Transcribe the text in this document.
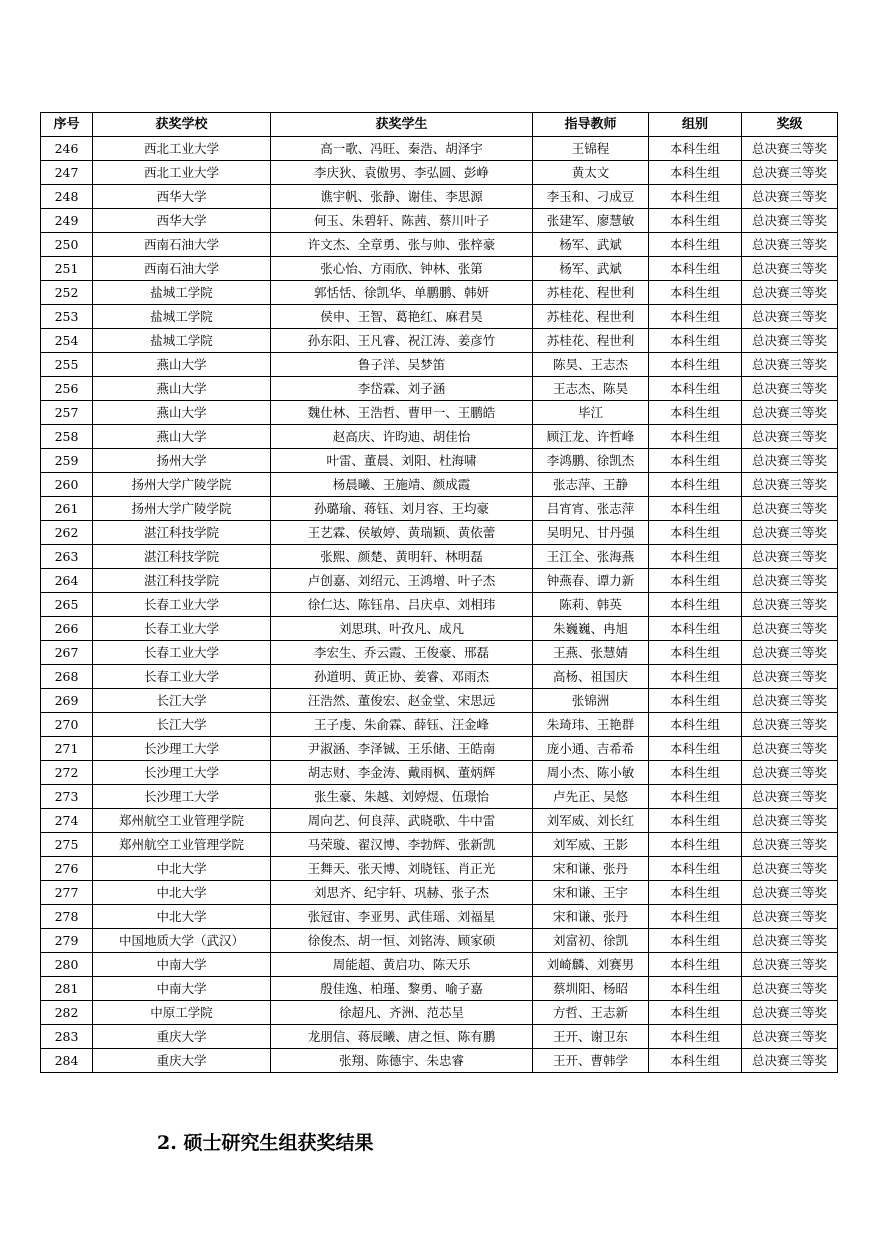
序号	获奖学校	获奖学生	指导教师	组别	奖级
246	西北工业大学	高一歌、冯旺、秦浩、胡泽宇	王锦程	本科生组	总决赛三等奖
247	西北工业大学	李庆狄、袁傲男、李弘圆、彭峥	黄太文	本科生组	总决赛三等奖
248	西华大学	谯宇帆、张静、谢佳、李思源	李玉和、刁成豆	本科生组	总决赛三等奖
249	西华大学	何玉、朱碧轩、陈茜、蔡川叶子	张建军、廖慧敏	本科生组	总决赛三等奖
250	西南石油大学	许文杰、全章勇、张与帅、张梓豪	杨军、武斌	本科生组	总决赛三等奖
251	西南石油大学	张心怡、方雨欣、钟林、张第	杨军、武斌	本科生组	总决赛三等奖
252	盐城工学院	郭恬恬、徐凯华、单鹏鹏、韩妍	苏桂花、程世利	本科生组	总决赛三等奖
253	盐城工学院	侯申、王智、葛艳红、麻君昊	苏桂花、程世利	本科生组	总决赛三等奖
254	盐城工学院	孙东阳、王凡睿、祝江涛、姜彦竹	苏桂花、程世利	本科生组	总决赛三等奖
255	燕山大学	鲁子洋、吴梦笛	陈昊、王志杰	本科生组	总决赛三等奖
256	燕山大学	李岱霖、刘子涵	王志杰、陈昊	本科生组	总决赛三等奖
257	燕山大学	魏仕林、王浩哲、曹甲一、王鹏皓	毕江	本科生组	总决赛三等奖
258	燕山大学	赵高庆、许昀迪、胡佳怡	顾江龙、许哲峰	本科生组	总决赛三等奖
259	扬州大学	叶雷、董晨、刘阳、杜海啸	李鸿鹏、徐凯杰	本科生组	总决赛三等奖
260	扬州大学广陵学院	杨晨曦、王施靖、颜成霞	张志萍、王静	本科生组	总决赛三等奖
261	扬州大学广陵学院	孙璐瑜、蒋钰、刘月容、王均豪	吕宵宵、张志萍	本科生组	总决赛三等奖
262	湛江科技学院	王艺霖、侯敏婷、黄瑞颖、黄依蕾	吴明兄、甘丹强	本科生组	总决赛三等奖
263	湛江科技学院	张熙、颜楚、黄明轩、林明磊	王江全、张海燕	本科生组	总决赛三等奖
264	湛江科技学院	卢创嘉、刘绍元、王鸿增、叶子杰	钟燕春、谭力新	本科生组	总决赛三等奖
265	长春工业大学	徐仁达、陈钰帛、吕庆卓、刘相玮	陈莉、韩英	本科生组	总决赛三等奖
266	长春工业大学	刘思琪、叶孜凡、成凡	朱巍巍、冉旭	本科生组	总决赛三等奖
267	长春工业大学	李宏生、乔云霞、王俊豪、邢磊	王燕、张慧婧	本科生组	总决赛三等奖
268	长春工业大学	孙道明、黄正协、姜睿、邓雨杰	高杨、祖国庆	本科生组	总决赛三等奖
269	长江大学	汪浩然、董俊宏、赵金堂、宋思远	张锦洲	本科生组	总决赛三等奖
270	长江大学	王子虔、朱俞霖、薛钰、汪金峰	朱琦玮、王艳群	本科生组	总决赛三等奖
271	长沙理工大学	尹淑涵、李泽铖、王乐储、王皓南	庞小通、吉希希	本科生组	总决赛三等奖
272	长沙理工大学	胡志财、李金涛、戴雨枫、董炳辉	周小杰、陈小敏	本科生组	总决赛三等奖
273	长沙理工大学	张生豪、朱越、刘婷煜、伍璟怡	卢先正、吴悠	本科生组	总决赛三等奖
274	郑州航空工业管理学院	周向艺、何良萍、武晓歌、牛中雷	刘军威、刘长红	本科生组	总决赛三等奖
275	郑州航空工业管理学院	马荣璇、翟汉博、李勃辉、张新凯	刘军威、王影	本科生组	总决赛三等奖
276	中北大学	王舞天、张天博、刘晓钰、肖正光	宋和谦、张丹	本科生组	总决赛三等奖
277	中北大学	刘思齐、纪宇轩、巩赫、张子杰	宋和谦、王宇	本科生组	总决赛三等奖
278	中北大学	张冠宙、李亚男、武佳瑶、刘福星	宋和谦、张丹	本科生组	总决赛三等奖
279	中国地质大学（武汉）	徐俊杰、胡一恒、刘铭涛、顾家硕	刘富初、徐凯	本科生组	总决赛三等奖
280	中南大学	周能超、黄启功、陈天乐	刘崎麟、刘赛男	本科生组	总决赛三等奖
281	中南大学	殷佳逸、柏瑾、黎勇、喻子嘉	蔡圳阳、杨昭	本科生组	总决赛三等奖
282	中原工学院	徐超凡、齐洲、范芯呈	方哲、王志新	本科生组	总决赛三等奖
283	重庆大学	龙朋信、蒋辰曦、唐之恒、陈有鹏	王开、谢卫东	本科生组	总决赛三等奖
284	重庆大学	张翔、陈德宇、朱忠睿	王开、曹韩学	本科生组	总决赛三等奖
2. 硕士研究生组获奖结果
